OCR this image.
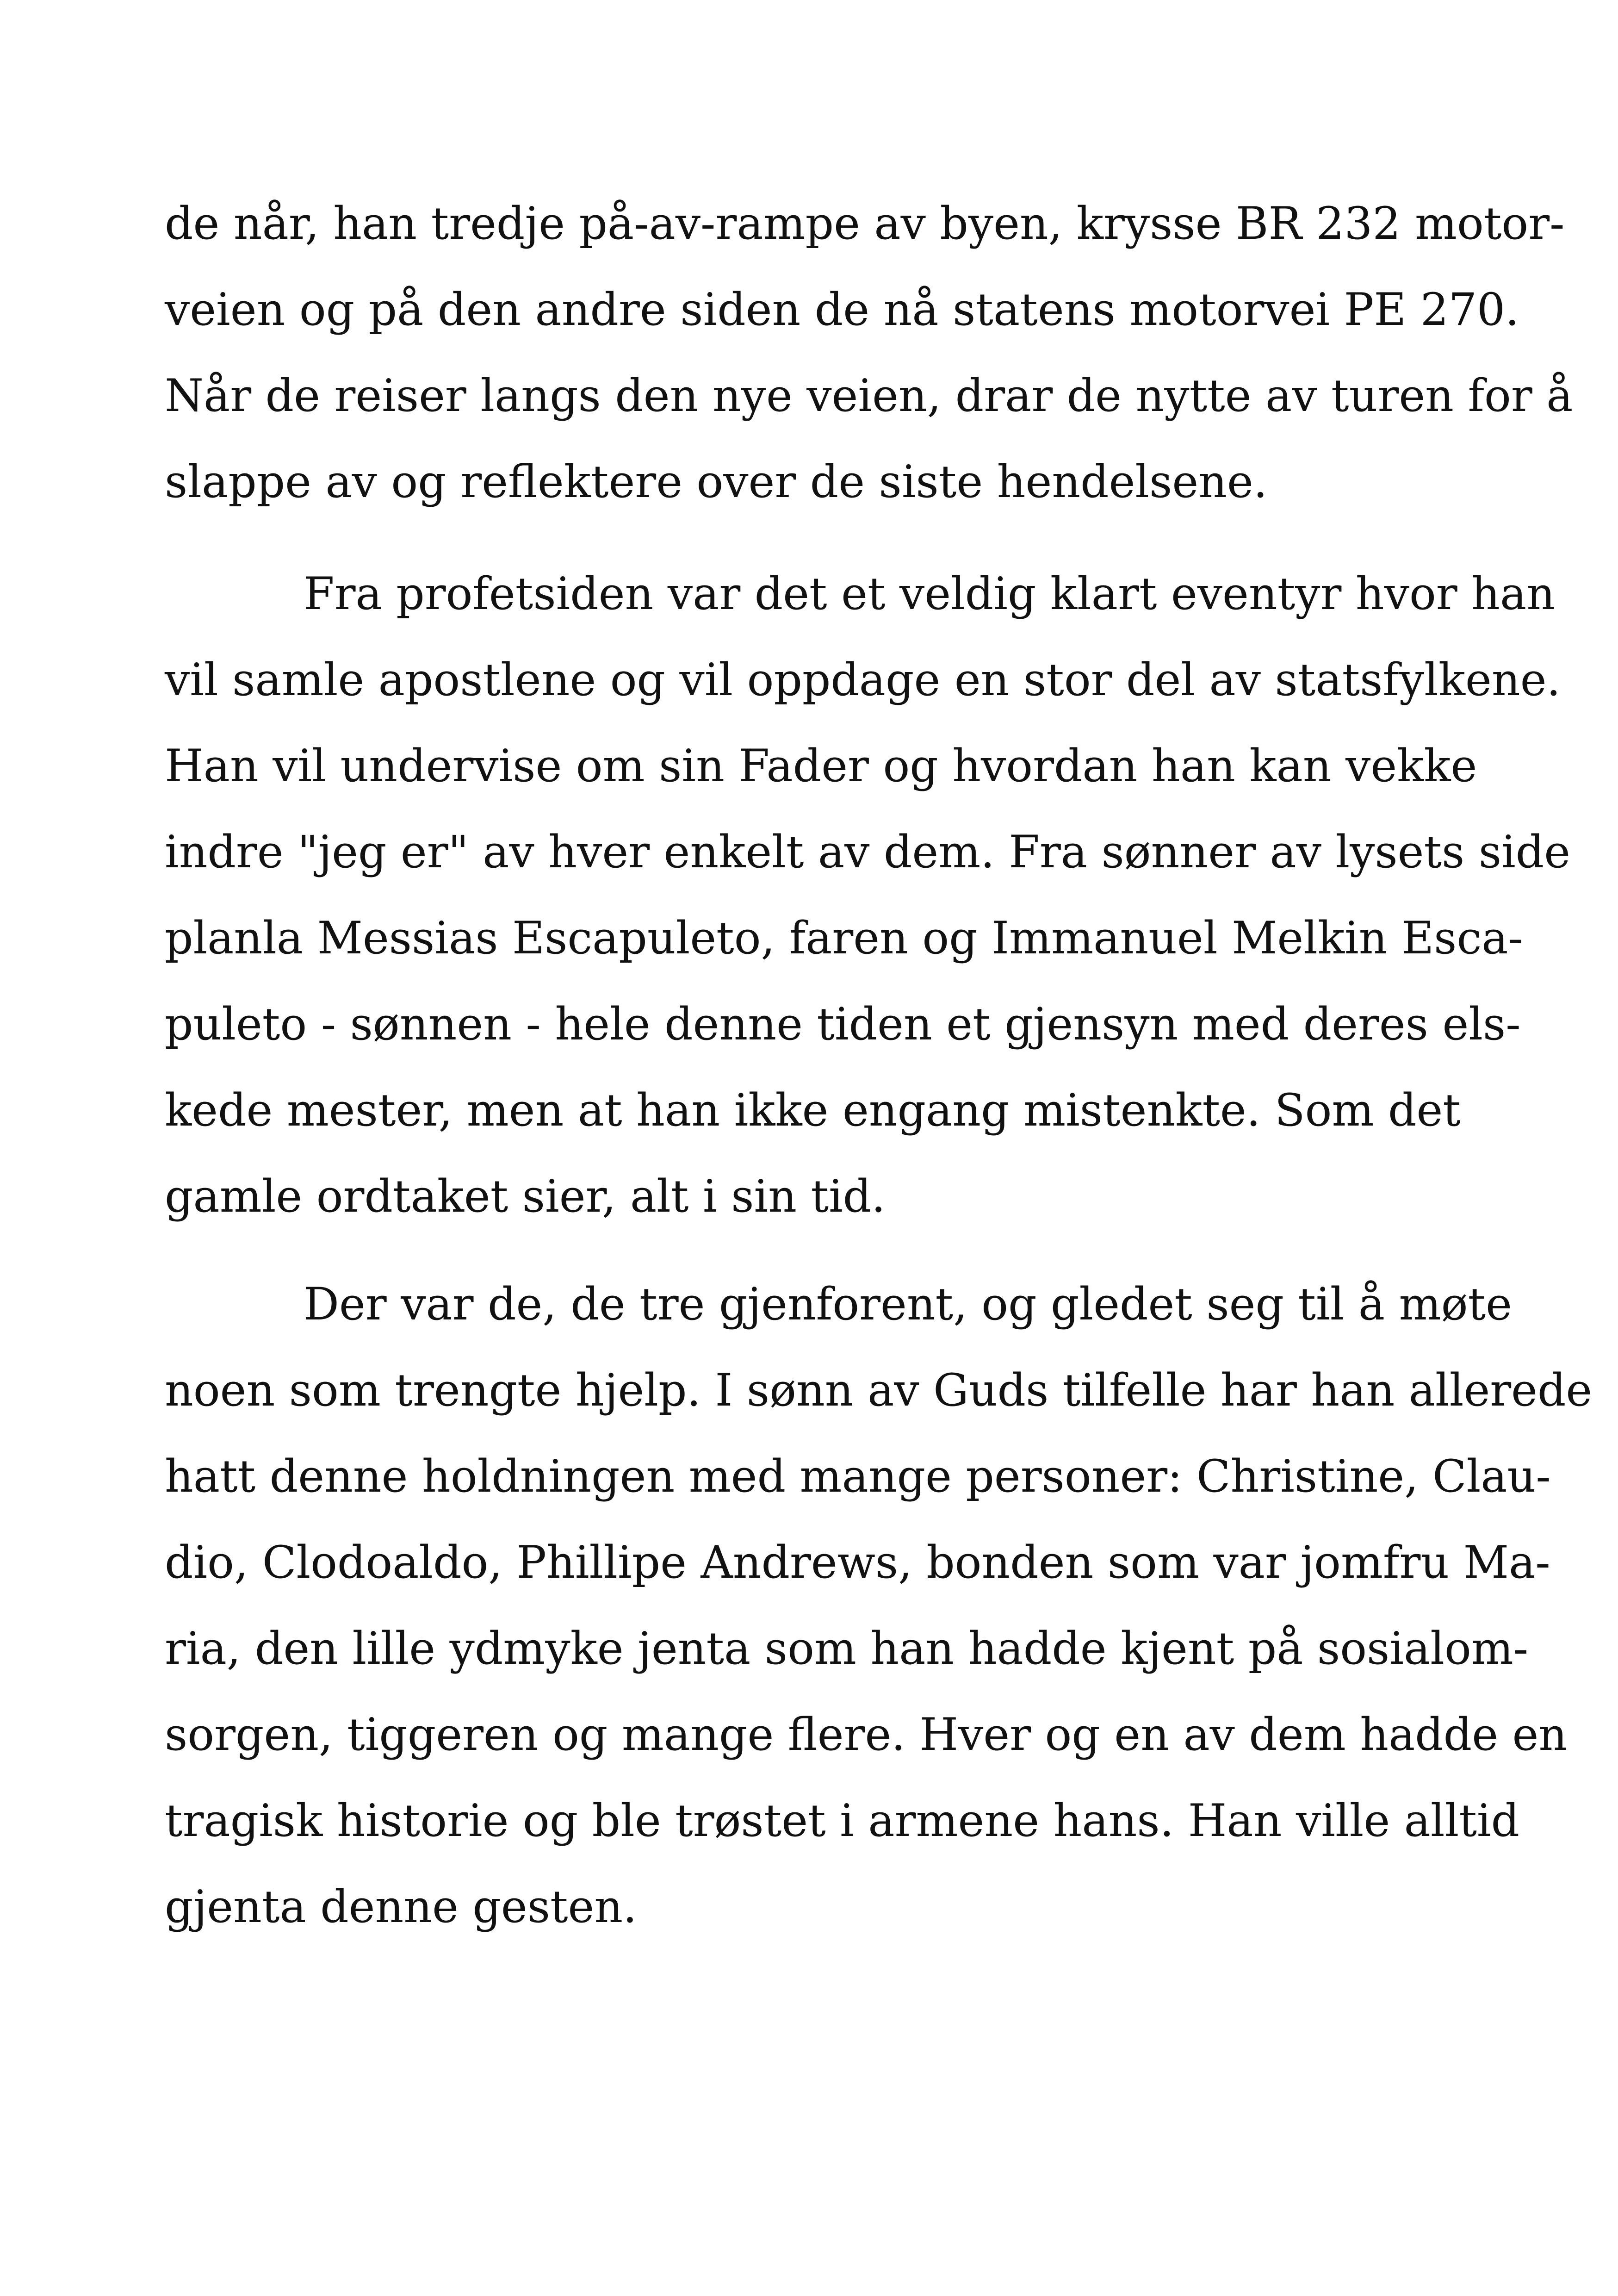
de når, han tredje på-av-rampe av byen, krysse BR 232 motor-
veien og på den andre siden de nå statens motorvei PE 270.
Når de reiser langs den nye veien, drar de nytte av turen for å
slappe av og reflektere over de siste hendelsene.
Fra profetsiden var det et veldig klart eventyr hvor han
vil samle apostlene og vil oppdage en stor del av statsfylkene.
Han vil undervise om sin Fader og hvordan han kan vekke
indre "jeg er" av hver enkelt av dem. Fra sønner av lysets side
planla Messias Escapuleto, faren og Immanuel Melkin Esca-
puleto - sønnen - hele denne tiden et gjensyn med deres els-
kede mester, men at han ikke engang mistenkte. Som det
gamle ordtaket sier, alt i sin tid.
Der var de, de tre gjenforent, og gledet seg til å møte
noen som trengte hjelp. I sønn av Guds tilfelle har han allerede
hatt denne holdningen med mange personer: Christine, Clau-
dio, Clodoaldo, Phillipe Andrews, bonden som var jomfru Ma-
ria, den lille ydmyke jenta som han hadde kjent på sosialom-
sorgen, tiggeren og mange flere. Hver og en av dem hadde en
tragisk historie og ble trøstet i armene hans. Han ville alltid
gjenta denne gesten.
